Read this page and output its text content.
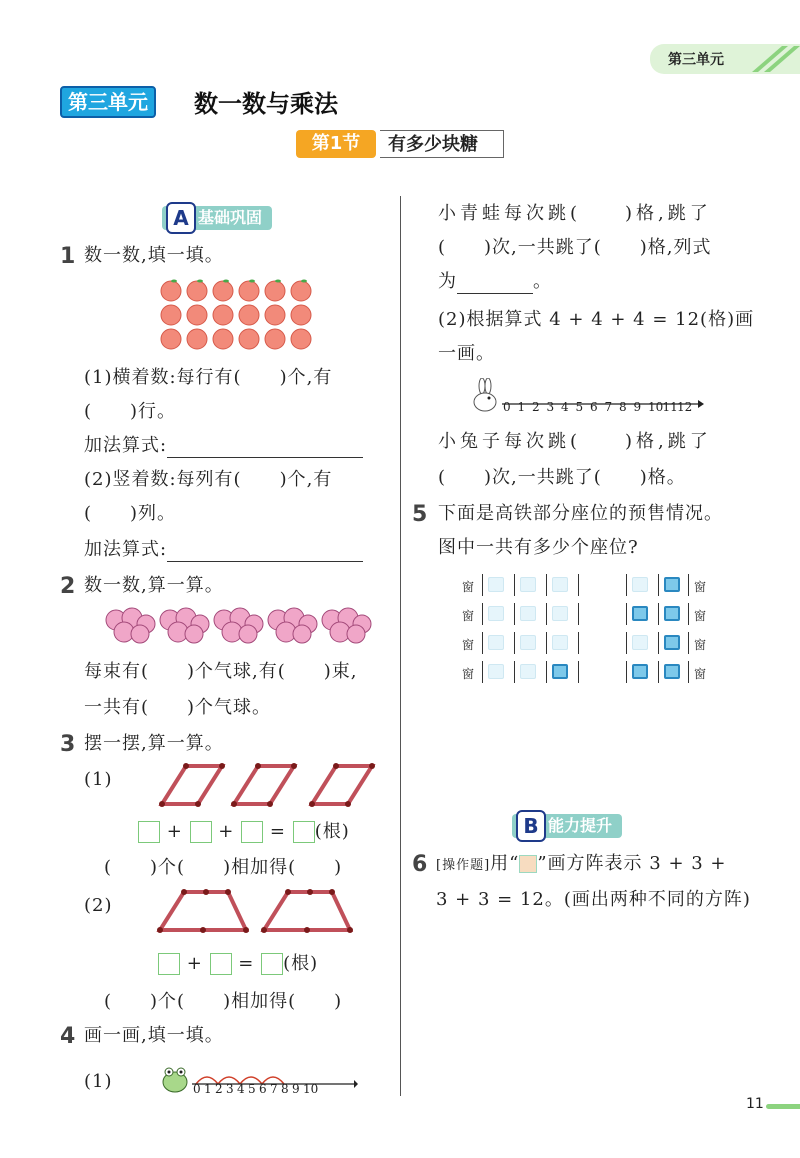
第三单元
第三单元	数一数与乘法
第1节	有多少块糖
A 基础巩固
1 数一数,填一填。
(1)横着数:每行有(　　)个,有
(　　)行。
加法算式:
(2)竖着数:每列有(　　)个,有
(　　)列。
加法算式:
2 数一数,算一算。
每束有(　　)个气球,有(　　)束,
一共有(　　)个气球。
3 摆一摆,算一算。
(1)
+ + = (根)
(　　)个(　　)相加得(　　)
(2)
+ = (根)
(　　)个(　　)相加得(　　)
4 画一画,填一填。
(1)	0 1 2 3 4 5 6 7 8 9 10
小青蛙每次跳(　　)格,跳了
(　　)次,一共跳了(　　)格,列式
为	。
(2)根据算式 4 + 4 + 4 = 12(格)画
一画。
0 1 2 3 4 5 6 7 8 9 10 11 12
小兔子每次跳(　　)格,跳了
(　　)次,一共跳了(　　)格。
5 下面是高铁部分座位的预售情况。
图中一共有多少个座位?
窗	窗
窗	窗
窗	窗
窗	窗
B 能力提升
6 [操作题]用“ ”画方阵表示 3 + 3 +
3 + 3 = 12。(画出两种不同的方阵)
11
